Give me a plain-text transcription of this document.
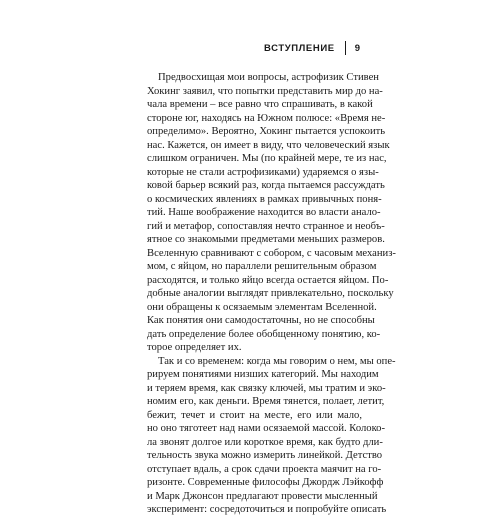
ВСТУПЛЕНИЕ 9
Предвосхищая мои вопросы, астрофизик Стивен
Хокинг заявил, что попытки представить мир до на-
чала времени – все равно что спрашивать, в какой
стороне юг, находясь на Южном полюсе: «Время не-
определимо». Вероятно, Хокинг пытается успокоить
нас. Кажется, он имеет в виду, что человеческий язык
слишком ограничен. Мы (по крайней мере, те из нас,
которые не стали астрофизиками) ударяемся о язы-
ковой барьер всякий раз, когда пытаемся рассуждать
о космических явлениях в рамках привычных поня-
тий. Наше воображение находится во власти анало-
гий и метафор, сопоставляя нечто странное и необъ-
ятное со знакомыми предметами меньших размеров.
Вселенную сравнивают с собором, с часовым механиз-
мом, с яйцом, но параллели решительным образом
расходятся, и только яйцо всегда остается яйцом. По-
добные аналогии выглядят привлекательно, поскольку
они обращены к осязаемым элементам Вселенной.
Как понятия они самодостаточны, но не способны
дать определение более обобщенному понятию, ко-
торое определяет их.
Так и со временем: когда мы говорим о нем, мы опе-
рируем понятиями низших категорий. Мы находим
и теряем время, как связку ключей, мы тратим и эко-
номим его, как деньги. Время тянется, полает, летит,
бежит, течет и стоит на месте, его или мало,
но оно тяготеет над нами осязаемой массой. Колоко-
ла звонят долгое или короткое время, как будто дли-
тельность звука можно измерить линейкой. Детство
отступает вдаль, а срок сдачи проекта маячит на го-
ризонте. Современные философы Джордж Лэйкофф
и Марк Джонсон предлагают провести мысленный
эксперимент: сосредоточиться и попробуйте описать
